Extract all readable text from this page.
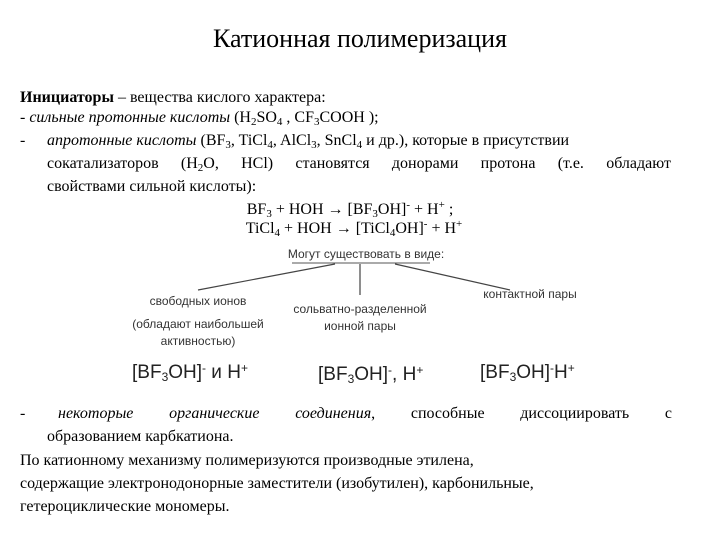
Катионная полимеризация
Инициаторы – вещества кислого характера:
- сильные протонные кислоты ($H_2SO_4$ , $CF_3COOH$ );
- апротонные кислоты ($BF_3$, TiCl$_4$, AlCl$_3$, SnCl$_4$ и др.), которые в присутствии
сокатализаторов ($H_2O$, HCl) становятся донорами протона (т.е. обладают
свойствами сильной кислоты):
$BF_3$ + HOH → $[BF_3OH]^- + H^+$ ;
TiCl$_4$ + HOH → [TiCl$_4$OH]- + H+
Могут существовать в виде:
свободных ионов
(обладают наибольшей
активностью)
сольватно-разделенной
ионной пары
контактной пары
$[BF_3OH]^-$ и H+	$[BF_3OH]^-$, H+	$[BF_3OH]^-H^+$
- некоторые органические соединения, способные диссоциировать с
образованием карбкатиона.
По катионному механизму полимеризуются производные этилена,
содержащие электронодонорные заместители (изобутилен), карбонильные,
гетероциклические мономеры.
